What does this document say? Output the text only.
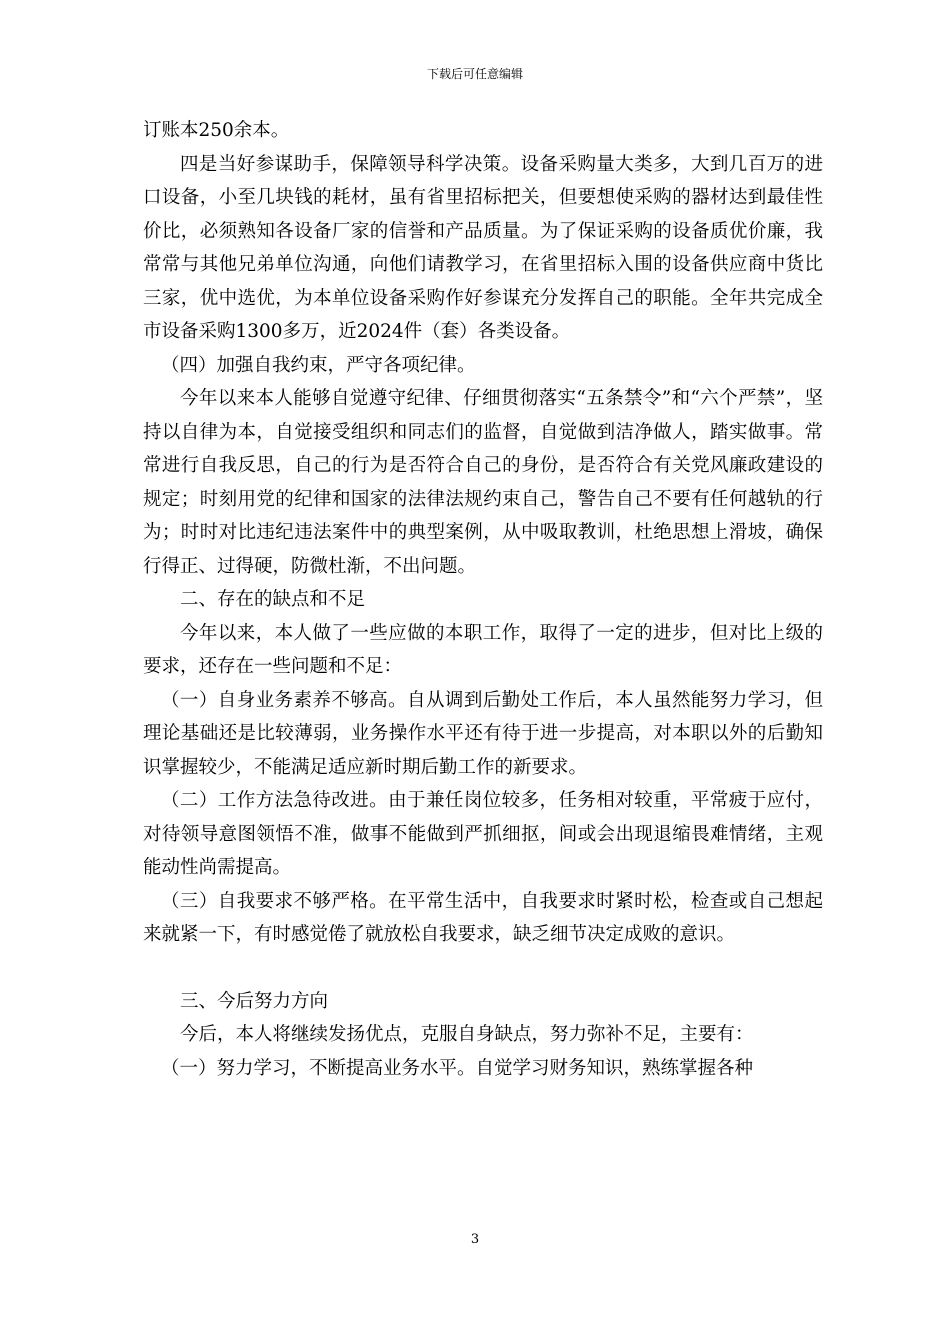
下载后可任意编辑

订账本250余本。

四是当好参谋助手，保障领导科学决策。设备采购量大类多，大到几百万的进口设备，小至几块钱的耗材，虽有省里招标把关，但要想使采购的器材达到最佳性价比，必须熟知各设备厂家的信誉和产品质量。为了保证采购的设备质优价廉，我常常与其他兄弟单位沟通，向他们请教学习，在省里招标入围的设备供应商中货比三家，优中选优，为本单位设备采购作好参谋充分发挥自己的职能。全年共完成全市设备采购1300多万，近2024件（套）各类设备。

（四）加强自我约束，严守各项纪律。

今年以来本人能够自觉遵守纪律、仔细贯彻落实“五条禁令”和“六个严禁”，坚持以自律为本，自觉接受组织和同志们的监督，自觉做到洁净做人，踏实做事。常常进行自我反思，自己的行为是否符合自己的身份，是否符合有关党风廉政建设的规定；时刻用党的纪律和国家的法律法规约束自己，警告自己不要有任何越轨的行为；时时对比违纪违法案件中的典型案例，从中吸取教训，杜绝思想上滑坡，确保行得正、过得硬，防微杜渐，不出问题。

二、存在的缺点和不足

今年以来，本人做了一些应做的本职工作，取得了一定的进步，但对比上级的要求，还存在一些问题和不足：

（一）自身业务素养不够高。自从调到后勤处工作后，本人虽然能努力学习，但理论基础还是比较薄弱，业务操作水平还有待于进一步提高，对本职以外的后勤知识掌握较少，不能满足适应新时期后勤工作的新要求。

（二）工作方法急待改进。由于兼任岗位较多，任务相对较重，平常疲于应付，对待领导意图领悟不准，做事不能做到严抓细抠，间或会出现退缩畏难情绪，主观能动性尚需提高。

（三）自我要求不够严格。在平常生活中，自我要求时紧时松，检查或自己想起来就紧一下，有时感觉倦了就放松自我要求，缺乏细节决定成败的意识。

三、今后努力方向

今后，本人将继续发扬优点，克服自身缺点，努力弥补不足，主要有：

（一）努力学习，不断提高业务水平。自觉学习财务知识，熟练掌握各种

3
